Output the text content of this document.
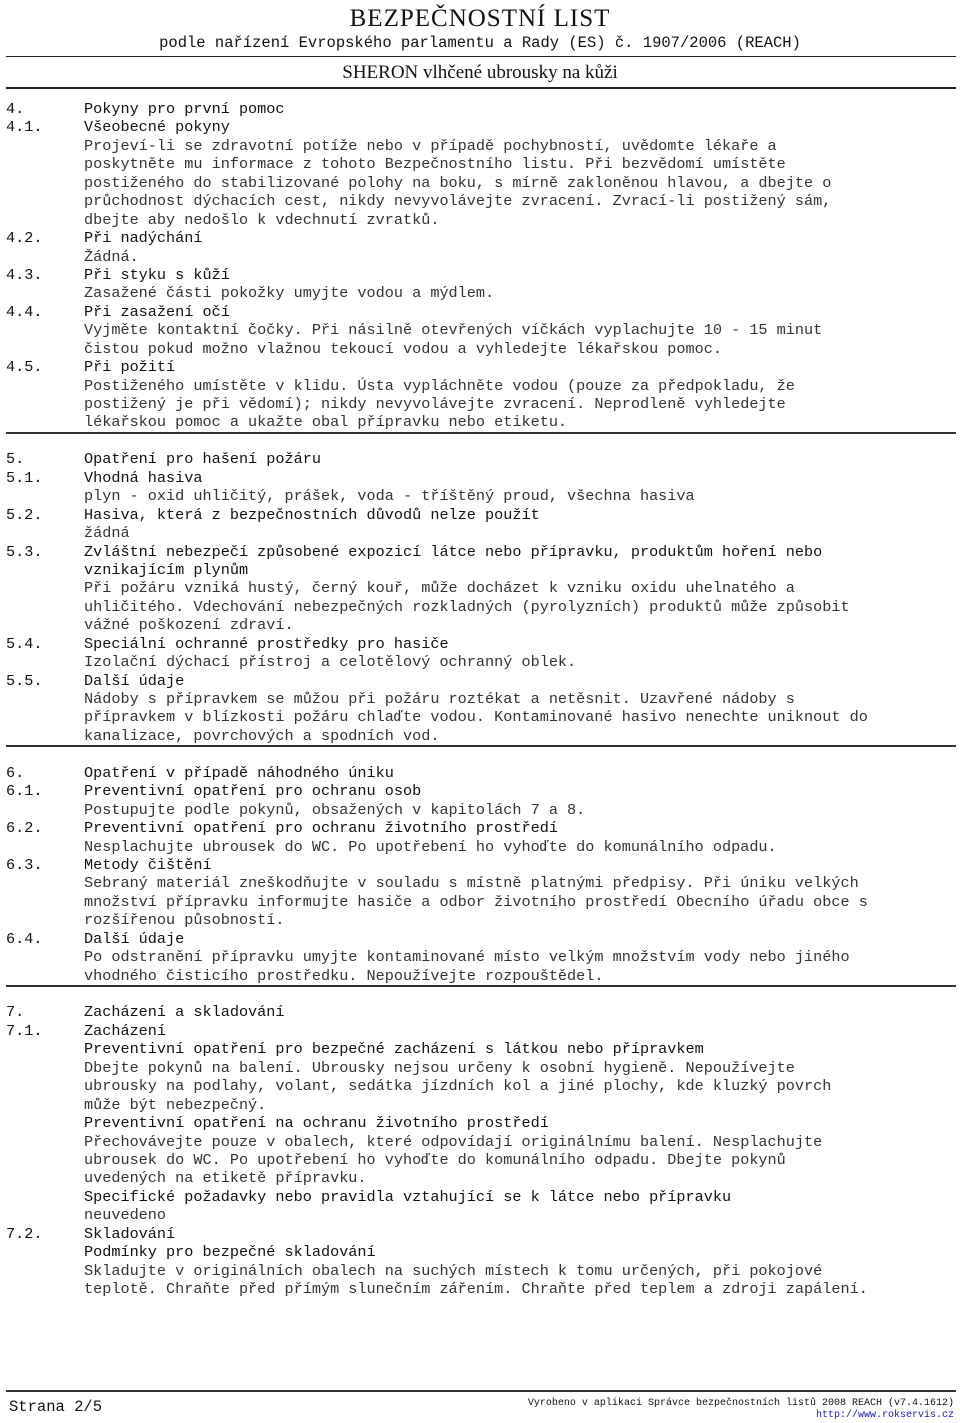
BEZPEČNOSTNÍ LIST
podle nařízení Evropského parlamentu a Rady (ES) č. 1907/2006 (REACH)
SHERON vlhčené ubrousky na kůži
4.	Pokyny pro první pomoc
4.1.	Všeobecné pokyny
Projeví-li se zdravotní potíže nebo v případě pochybností, uvědomte lékaře a
poskytněte mu informace z tohoto Bezpečnostního listu. Při bezvědomí umístěte
postiženého do stabilizované polohy na boku, s mírně zakloněnou hlavou, a dbejte o
průchodnost dýchacích cest, nikdy nevyvolávejte zvracení. Zvrací-li postižený sám,
dbejte aby nedošlo k vdechnutí zvratků.
4.2.	Při nadýchání
Žádná.
4.3.	Při styku s kůží
Zasažené části pokožky umyjte vodou a mýdlem.
4.4.	Při zasažení očí
Vyjměte kontaktní čočky. Při násilně otevřených víčkách vyplachujte 10 - 15 minut
čistou pokud možno vlažnou tekoucí vodou a vyhledejte lékařskou pomoc.
4.5.	Při požití
Postiženého umístěte v klidu. Ústa vypláchněte vodou (pouze za předpokladu, že
postižený je při vědomí); nikdy nevyvolávejte zvracení. Neprodleně vyhledejte
lékařskou pomoc a ukažte obal přípravku nebo etiketu.
5.	Opatření pro hašení požáru
5.1.	Vhodná hasiva
plyn - oxid uhličitý, prášek, voda - tříštěný proud, všechna hasiva
5.2.	Hasiva, která z bezpečnostních důvodů nelze použít
žádná
5.3.	Zvláštní nebezpečí způsobené expozicí látce nebo přípravku, produktům hoření nebo
vznikajícím plynům
Při požáru vzniká hustý, černý kouř, může docházet k vzniku oxidu uhelnatého a
uhličitého. Vdechování nebezpečných rozkladných (pyrolyzních) produktů může způsobit
vážné poškození zdraví.
5.4.	Speciální ochranné prostředky pro hasiče
Izolační dýchací přístroj a celotělový ochranný oblek.
5.5.	Další údaje
Nádoby s přípravkem se můžou při požáru roztékat a netěsnit. Uzavřené nádoby s
přípravkem v blízkosti požáru chlaďte vodou. Kontaminované hasivo nenechte uniknout do
kanalizace, povrchových a spodních vod.
6.	Opatření v případě náhodného úniku
6.1.	Preventivní opatření pro ochranu osob
Postupujte podle pokynů, obsažených v kapitolách 7 a 8.
6.2.	Preventivní opatření pro ochranu životního prostředí
Nesplachujte ubrousek do WC. Po upotřebení ho vyhoďte do komunálního odpadu.
6.3.	Metody čištění
Sebraný materiál zneškodňujte v souladu s místně platnými předpisy. Při úniku velkých
množství přípravku informujte hasiče a odbor životního prostředí Obecního úřadu obce s
rozšířenou působností.
6.4.	Další údaje
Po odstranění přípravku umyjte kontaminované místo velkým množstvím vody nebo jiného
vhodného čisticího prostředku. Nepoužívejte rozpouštědel.
7.	Zacházení a skladování
7.1.	Zacházení
Preventivní opatření pro bezpečné zacházení s látkou nebo přípravkem
Dbejte pokynů na balení. Ubrousky nejsou určeny k osobní hygieně. Nepoužívejte
ubrousky na podlahy, volant, sedátka jízdních kol a jiné plochy, kde kluzký povrch
může být nebezpečný.
Preventivní opatření na ochranu životního prostředí
Přechovávejte pouze v obalech, které odpovídají originálnímu balení. Nesplachujte
ubrousek do WC. Po upotřebení ho vyhoďte do komunálního odpadu. Dbejte pokynů
uvedených na etiketě přípravku.
Specifické požadavky nebo pravidla vztahující se k látce nebo přípravku
neuvedeno
7.2.	Skladování
Podmínky pro bezpečné skladování
Skladujte v originálních obalech na suchých místech k tomu určených, při pokojové
teplotě. Chraňte před přímým slunečním zářením. Chraňte před teplem a zdroji zapálení.
Strana 2/5	Vyrobeno v aplikaci Správce bezpečnostních listů 2008 REACH (v7.4.1612)
http://www.rokservis.cz
